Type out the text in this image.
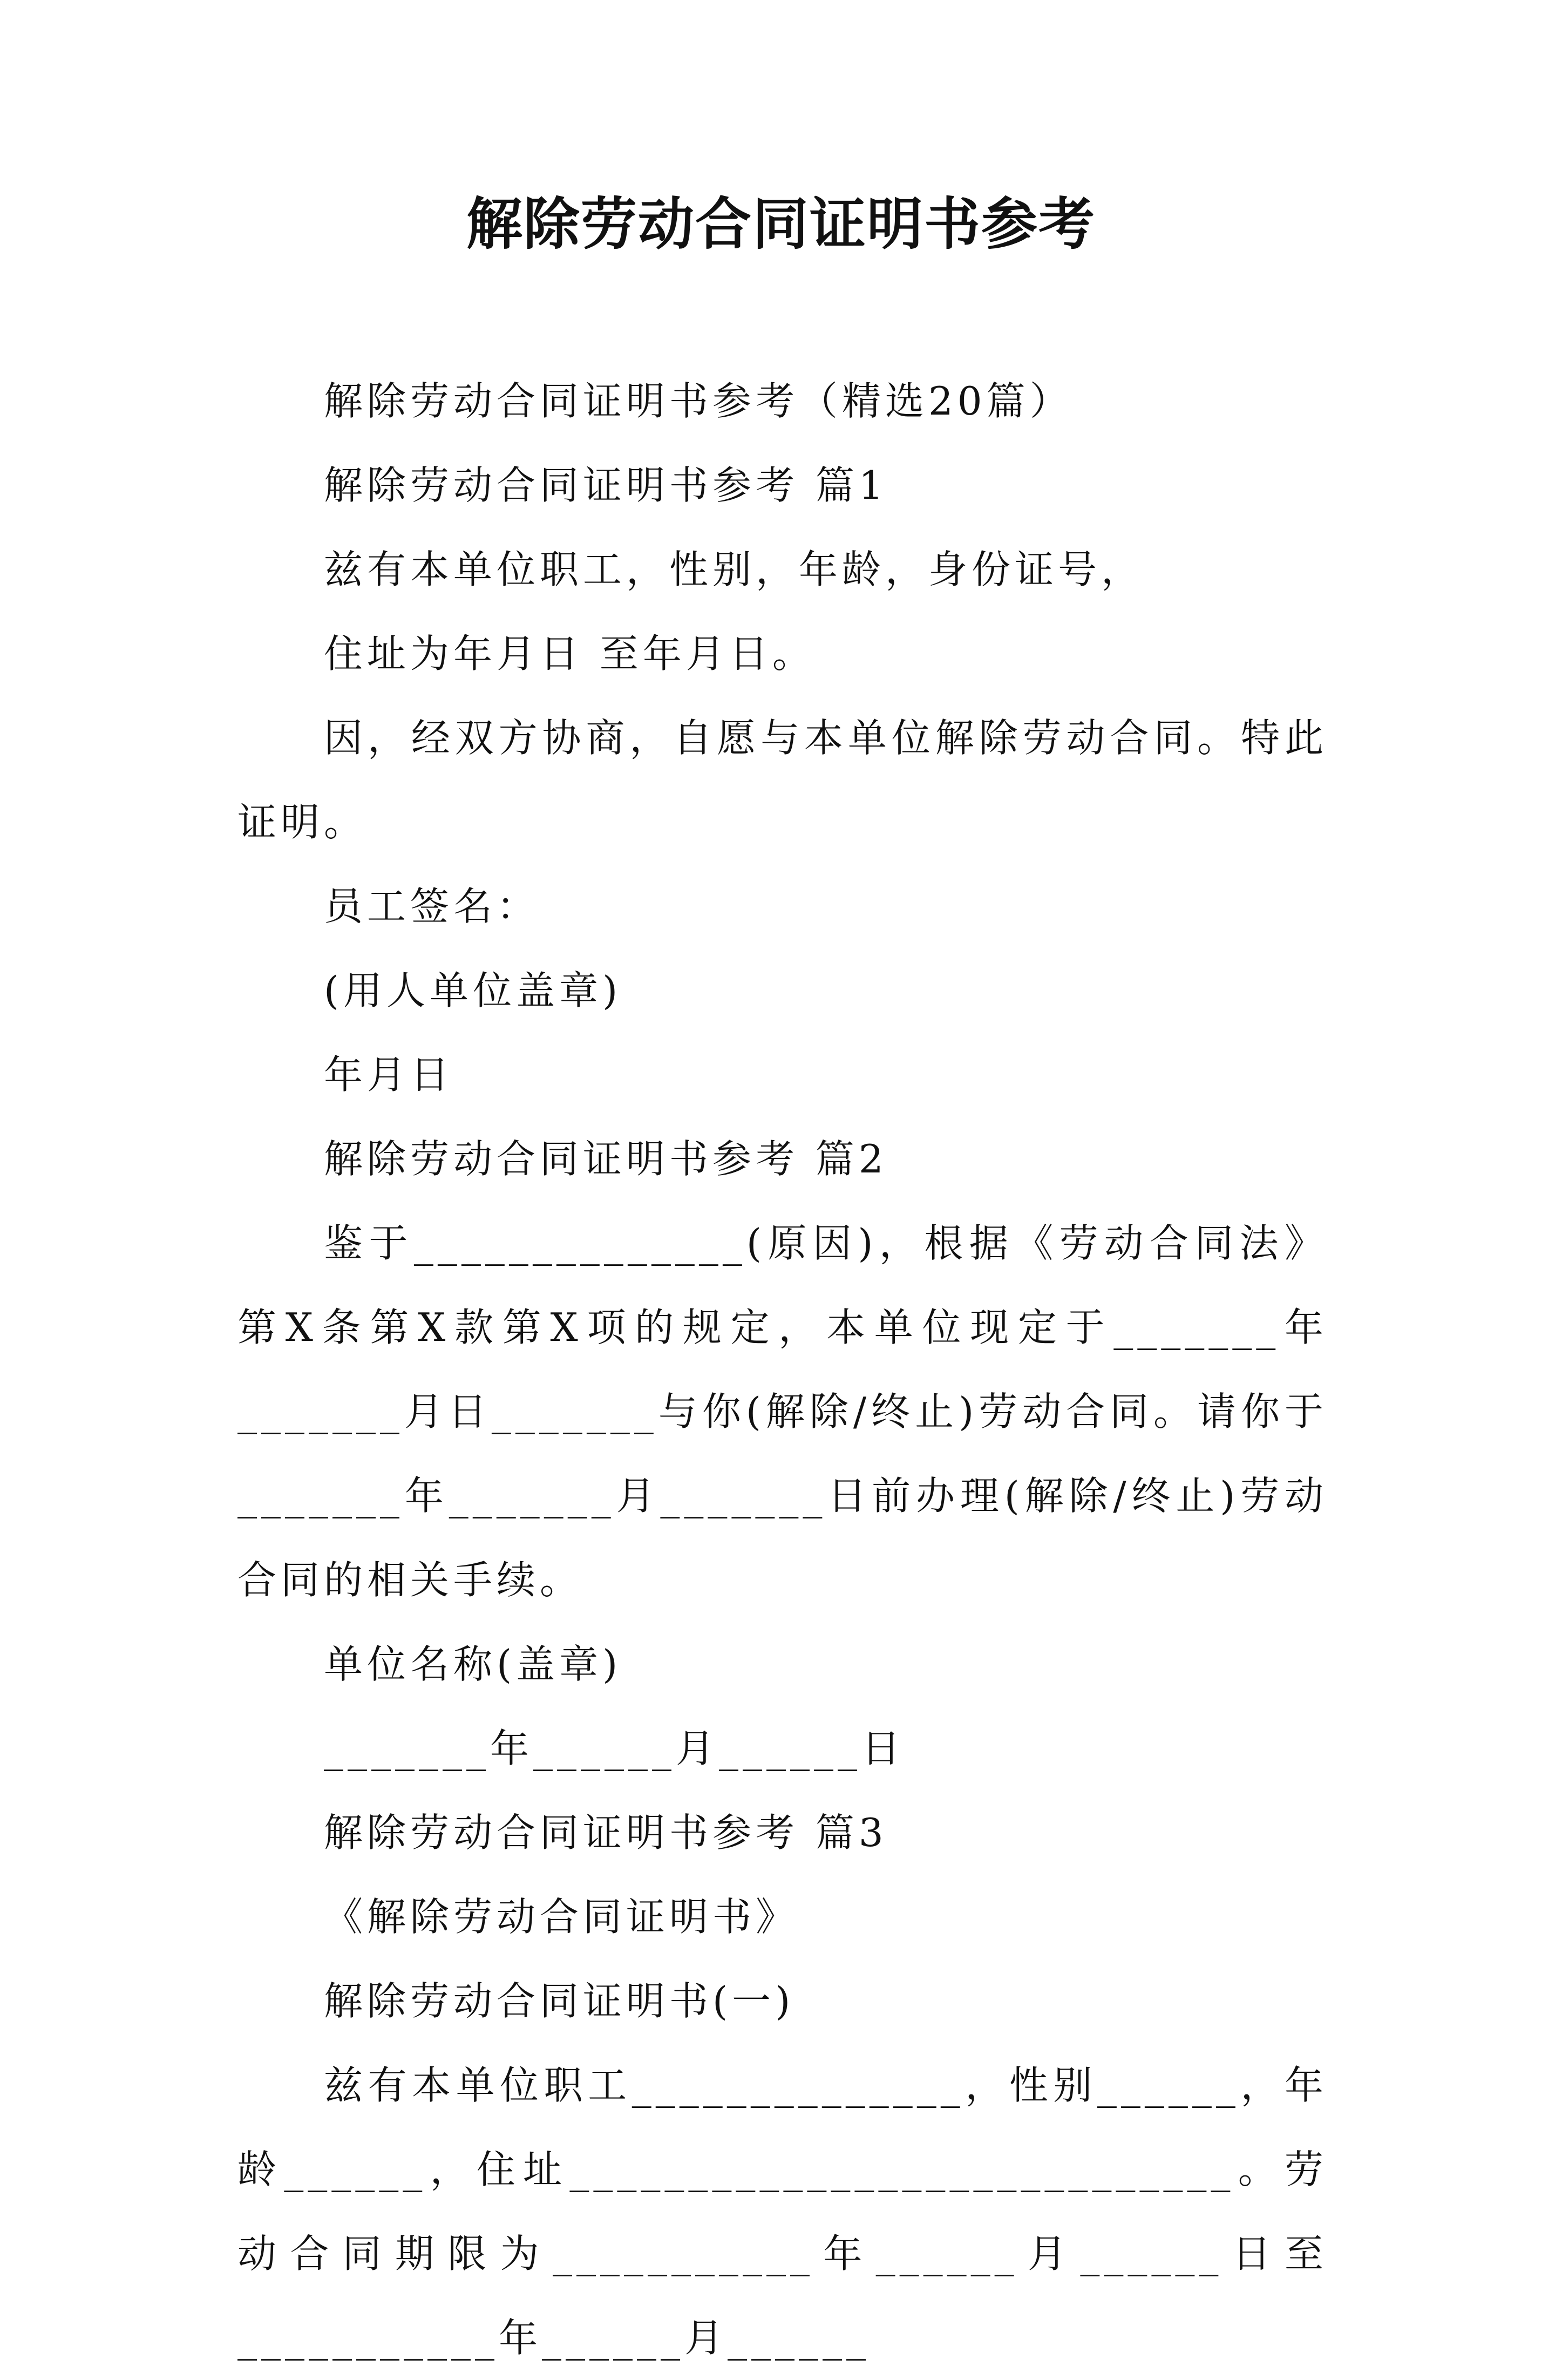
解除劳动合同证明书参考

解除劳动合同证明书参考（精选20篇）

解除劳动合同证明书参考 篇1

兹有本单位职工，性别，年龄，身份证号，

住址为年月日 至年月日。

因，经双方协商，自愿与本单位解除劳动合同。特此证明。

员工签名：

(用人单位盖章)

年月日

解除劳动合同证明书参考 篇2

鉴于______________(原因)，根据《劳动合同法》第X条第X款第X项的规定，本单位现定于_______年_______月日_______与你(解除/终止)劳动合同。请你于_______年_______月_______日前办理(解除/终止)劳动合同的相关手续。

单位名称(盖章)

_______年______月______日

解除劳动合同证明书参考 篇3

《解除劳动合同证明书》

解除劳动合同证明书(一)

兹有本单位职工______________，性别______，年龄______，住址____________________________。劳动合同期限为___________年______月______日至___________年______月______
